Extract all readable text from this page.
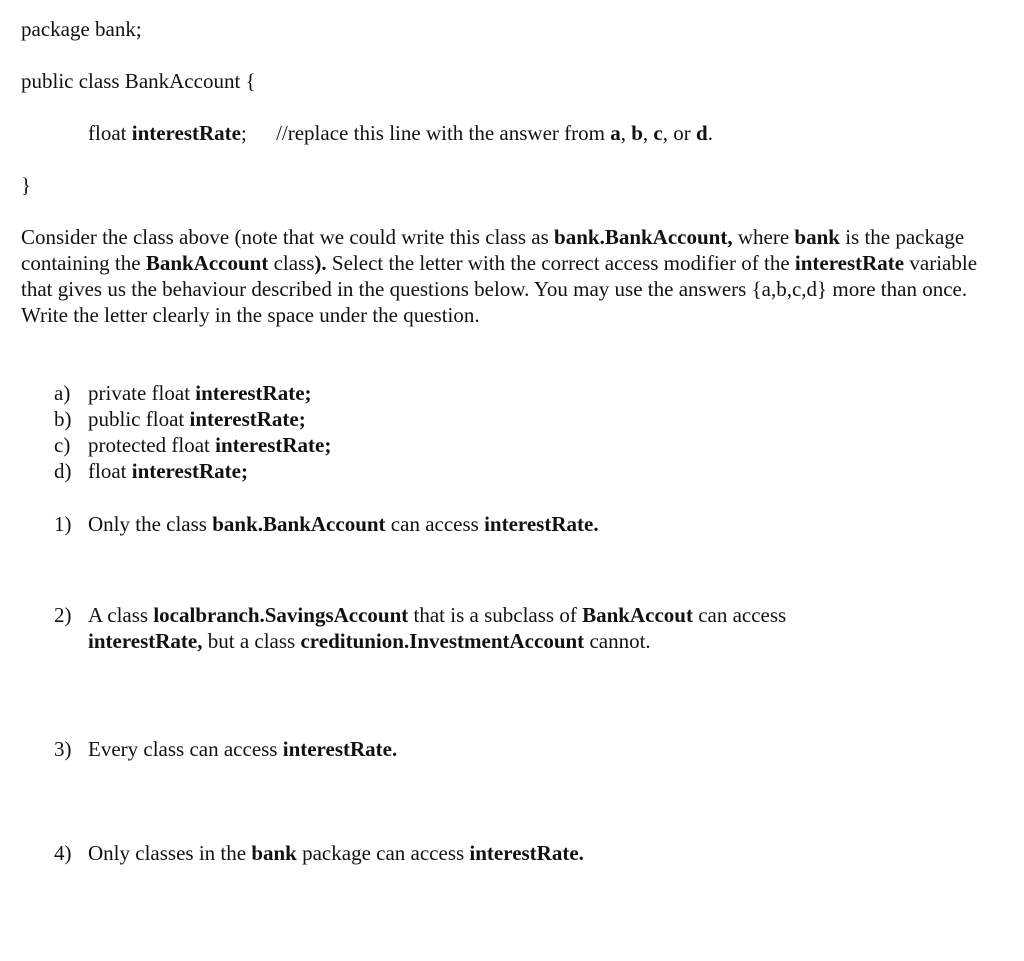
package bank;
public class BankAccount {
float interestRate; //replace this line with the answer from a, b, c, or d.
}
Consider the class above (note that we could write this class as bank.BankAccount, where bank is the package containing the BankAccount class). Select the letter with the correct access modifier of the interestRate variable that gives us the behaviour described in the questions below. You may use the answers {a,b,c,d} more than once. Write the letter clearly in the space under the question.
a) private float interestRate;
b) public float interestRate;
c) protected float interestRate;
d) float interestRate;
1) Only the class bank.BankAccount can access interestRate.
2) A class localbranch.SavingsAccount that is a subclass of BankAccout can access
interestRate, but a class creditunion.InvestmentAccount cannot.
3) Every class can access interestRate.
4) Only classes in the bank package can access interestRate.
